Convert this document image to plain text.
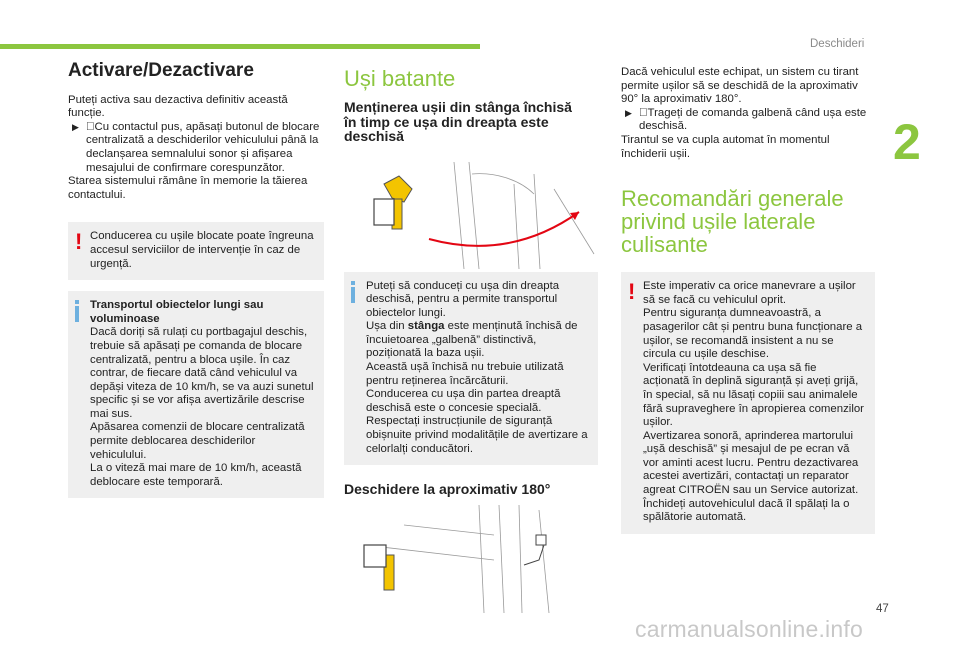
Deschideri
2
Activare/Dezactivare

Puteți activa sau dezactiva definitiv această funcție.

▶ Cu contactul pus, apăsați butonul de blocare centralizată a deschiderilor vehiculului până la declanșarea semnalului sonor și afișarea mesajului de confirmare corespunzător.

Starea sistemului rămâne în memorie la tăierea contactului.

! Conducerea cu ușile blocate poate îngreuna accesul serviciilor de intervenție în caz de urgență.

Transportul obiectelor lungi sau voluminoase

Dacă doriți să rulați cu portbagajul deschis, trebuie să apăsați pe comanda de blocare centralizată, pentru a bloca ușile. În caz contrar, de fiecare dată când vehiculul va depăși viteza de 10 km/h, se va auzi sunetul specific și se vor afișa avertizările descrise mai sus.

Apăsarea comenzii de blocare centralizată permite deblocarea deschiderilor vehiculului.

La o viteză mai mare de 10 km/h, această deblocare este temporară.

Uși batante
Menținerea ușii din stânga închisă în timp ce ușa din dreapta este deschisă

Puteți să conduceți cu ușa din dreapta deschisă, pentru a permite transportul obiectelor lungi.

Ușa din stânga este menținută închisă de încuietoarea „galbenă” distinctivă, poziționată la baza ușii.

Această ușă închisă nu trebuie utilizată pentru reținerea încărcăturii.

Conducerea cu ușa din partea dreaptă deschisă este o concesie specială.

Respectați instrucțiunile de siguranță obișnuite privind modalitățile de avertizare a celorlalți conducători.

Deschidere la aproximativ 180°

Dacă vehiculul este echipat, un sistem cu tirant permite ușilor să se deschidă de la aproximativ 90° la aproximativ 180°.

▶ Trageți de comanda galbenă când ușa este deschisă.

Tirantul se va cupla automat în momentul închiderii ușii.

Recomandări generale privind ușile laterale culisante
! Este imperativ ca orice manevrare a ușilor să se facă cu vehiculul oprit.

Pentru siguranța dumneavoastră, a pasagerilor cât și pentru buna funcționare a ușilor, se recomandă insistent a nu se circula cu ușile deschise.

Verificați întotdeauna ca ușa să fie acționată în deplină siguranță și aveți grijă, în special, să nu lăsați copiii sau animalele fără supraveghere în apropierea comenzilor ușilor.

Avertizarea sonoră, aprinderea martorului „ușă deschisă” și mesajul de pe ecran vă vor aminti acest lucru. Pentru dezactivarea acestei avertizări, contactați un reparator agreat CITROËN sau un Service autorizat.

Închideți autovehiculul dacă îl spălați la o spălătorie automată.

47
carmanualsonline.info
